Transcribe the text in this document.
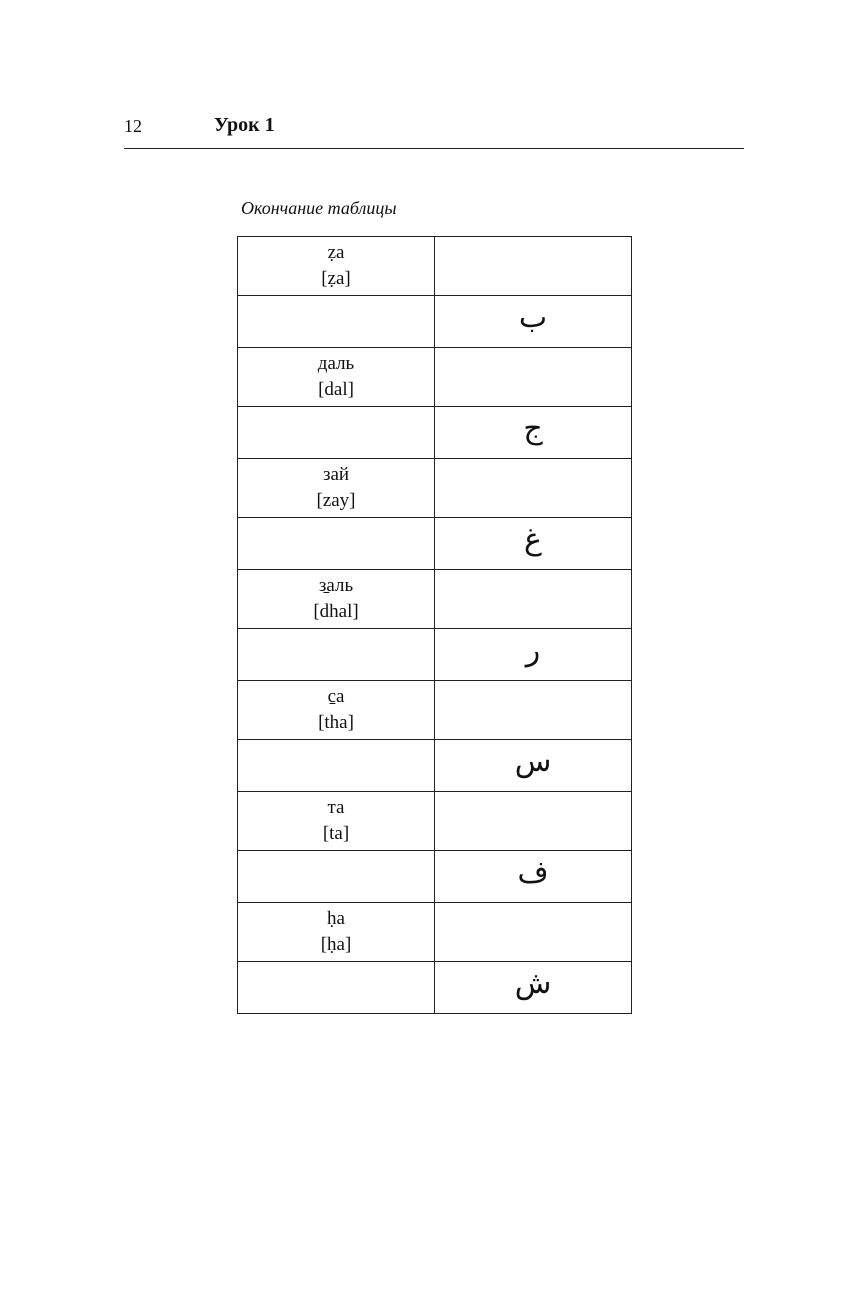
12	Урок 1
Окончание таблицы
ẓa
[ẓa]	

	ب

даль
[dal]	

	ج

зай
[zay]	

	غ

з̱аль
[dhal]	

	ر

c̱а
[tha]	

	س

та
[ta]	

	ف

ḥa
[ḥa]	

	ش
